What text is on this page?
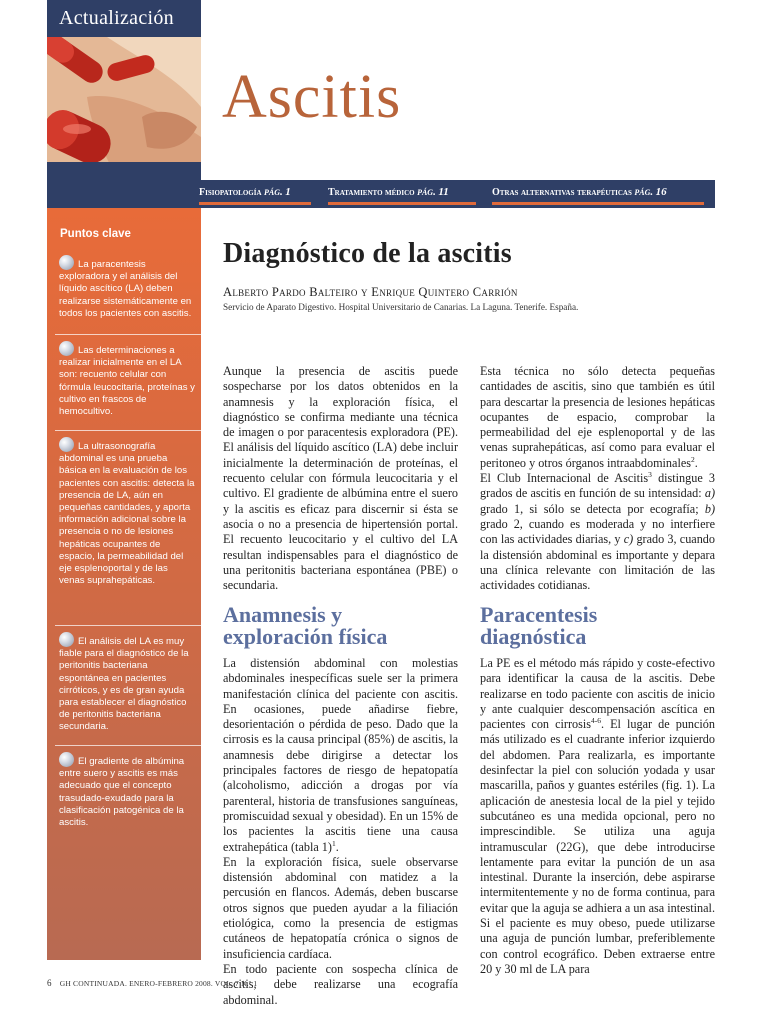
Actualización
Ascitis
Fisiopatología pág. 1	Tratamiento médico pág. 11	Otras alternativas terapéuticas pág. 16
Puntos clave
La paracentesis exploradora y el análisis del líquido ascítico (LA) deben realizarse sistemáticamente en todos los pacientes con ascitis.
Las determinaciones a realizar inicialmente en el LA son: recuento celular con fórmula leucocitaria, proteínas y cultivo en frascos de hemocultivo.
La ultrasonografía abdominal es una prueba básica en la evaluación de los pacientes con ascitis: detecta la presencia de LA, aún en pequeñas cantidades, y aporta información adicional sobre la presencia o no de lesiones hepáticas ocupantes de espacio, la permeabilidad del eje esplenoportal y de las venas suprahepáticas.
El análisis del LA es muy fiable para el diagnóstico de la peritonitis bacteriana espontánea en pacientes cirróticos, y es de gran ayuda para establecer el diagnóstico de peritonitis bacteriana secundaria.
El gradiente de albúmina entre suero y ascitis es más adecuado que el concepto trasudado-exudado para la clasificación patogénica de la ascitis.
Diagnóstico de la ascitis
Alberto Pardo Balteiro y Enrique Quintero Carrión
Servicio de Aparato Digestivo. Hospital Universitario de Canarias. La Laguna. Tenerife. España.

Aunque la presencia de ascitis puede sospecharse por los datos obtenidos en la anamnesis y la exploración física, el diagnóstico se confirma mediante una técnica de imagen o por paracentesis exploradora (PE). El análisis del líquido ascítico (LA) debe incluir inicialmente la determinación de proteínas, el recuento celular con fórmula leucocitaria y el cultivo. El gradiente de albúmina entre el suero y la ascitis es eficaz para discernir si ésta se asocia o no a presencia de hipertensión portal. El recuento leucocitario y el cultivo del LA resultan indispensables para el diagnóstico de una peritonitis bacteriana espontánea (PBE) o secundaria.

Anamnesis y
exploración física

La distensión abdominal con molestias abdominales inespecíficas suele ser la primera manifestación clínica del paciente con ascitis. En ocasiones, puede añadirse fiebre, desorientación o pérdida de peso. Dado que la cirrosis es la causa principal (85%) de ascitis, la anamnesis debe dirigirse a detectar los principales factores de riesgo de hepatopatía (alcoholismo, adicción a drogas por vía parenteral, historia de transfusiones sanguíneas, promiscuidad sexual y obesidad). En un 15% de los pacientes la ascitis tiene una causa extrahepática (tabla 1)$^1$.

En la exploración física, suele observarse distensión abdominal con matidez a la percusión en flancos. Además, deben buscarse otros signos que pueden ayudar a la filiación etiológica, como la presencia de estigmas cutáneos de hepatopatía crónica o signos de insuficiencia cardíaca.

En todo paciente con sospecha clínica de ascitis, debe realizarse una ecografía abdominal.

Esta técnica no sólo detecta pequeñas cantidades de ascitis, sino que también es útil para descartar la presencia de lesiones hepáticas ocupantes de espacio, comprobar la permeabilidad del eje esplenoportal y de las venas suprahepáticas, así como para evaluar el peritoneo y otros órganos intraabdominales$^2$.

El Club Internacional de Ascitis$^3$ distingue 3 grados de ascitis en función de su intensidad: a) grado 1, si sólo se detecta por ecografía; b) grado 2, cuando es moderada y no interfiere con las actividades diarias, y c) grado 3, cuando la distensión abdominal es importante y depara una clínica relevante con limitación de las actividades cotidianas.

Paracentesis
diagnóstica

La PE es el método más rápido y coste-efectivo para identificar la causa de la ascitis. Debe realizarse en todo paciente con ascitis de inicio y ante cualquier descompensación ascítica en pacientes con cirrosis$^{4-6}$. El lugar de punción más utilizado es el cuadrante inferior izquierdo del abdomen. Para realizarla, es importante desinfectar la piel con solución yodada y usar mascarilla, paños y guantes estériles (fig. 1). La aplicación de anestesia local de la piel y tejido subcutáneo es una medida opcional, pero no imprescindible. Se utiliza una aguja intramuscular (22G), que debe introducirse lentamente para evitar la punción de un asa intestinal. Durante la inserción, debe aspirarse intermitentemente y no de forma continua, para evitar que la aguja se adhiera a un asa intestinal. Si el paciente es muy obeso, puede utilizarse una aguja de punción lumbar, preferiblemente con control ecográfico. Deben extraerse entre 20 y 30 ml de LA para

6 GH CONTINUADA. ENERO-FEBRERO 2008. VOL. 7 N.º 1
